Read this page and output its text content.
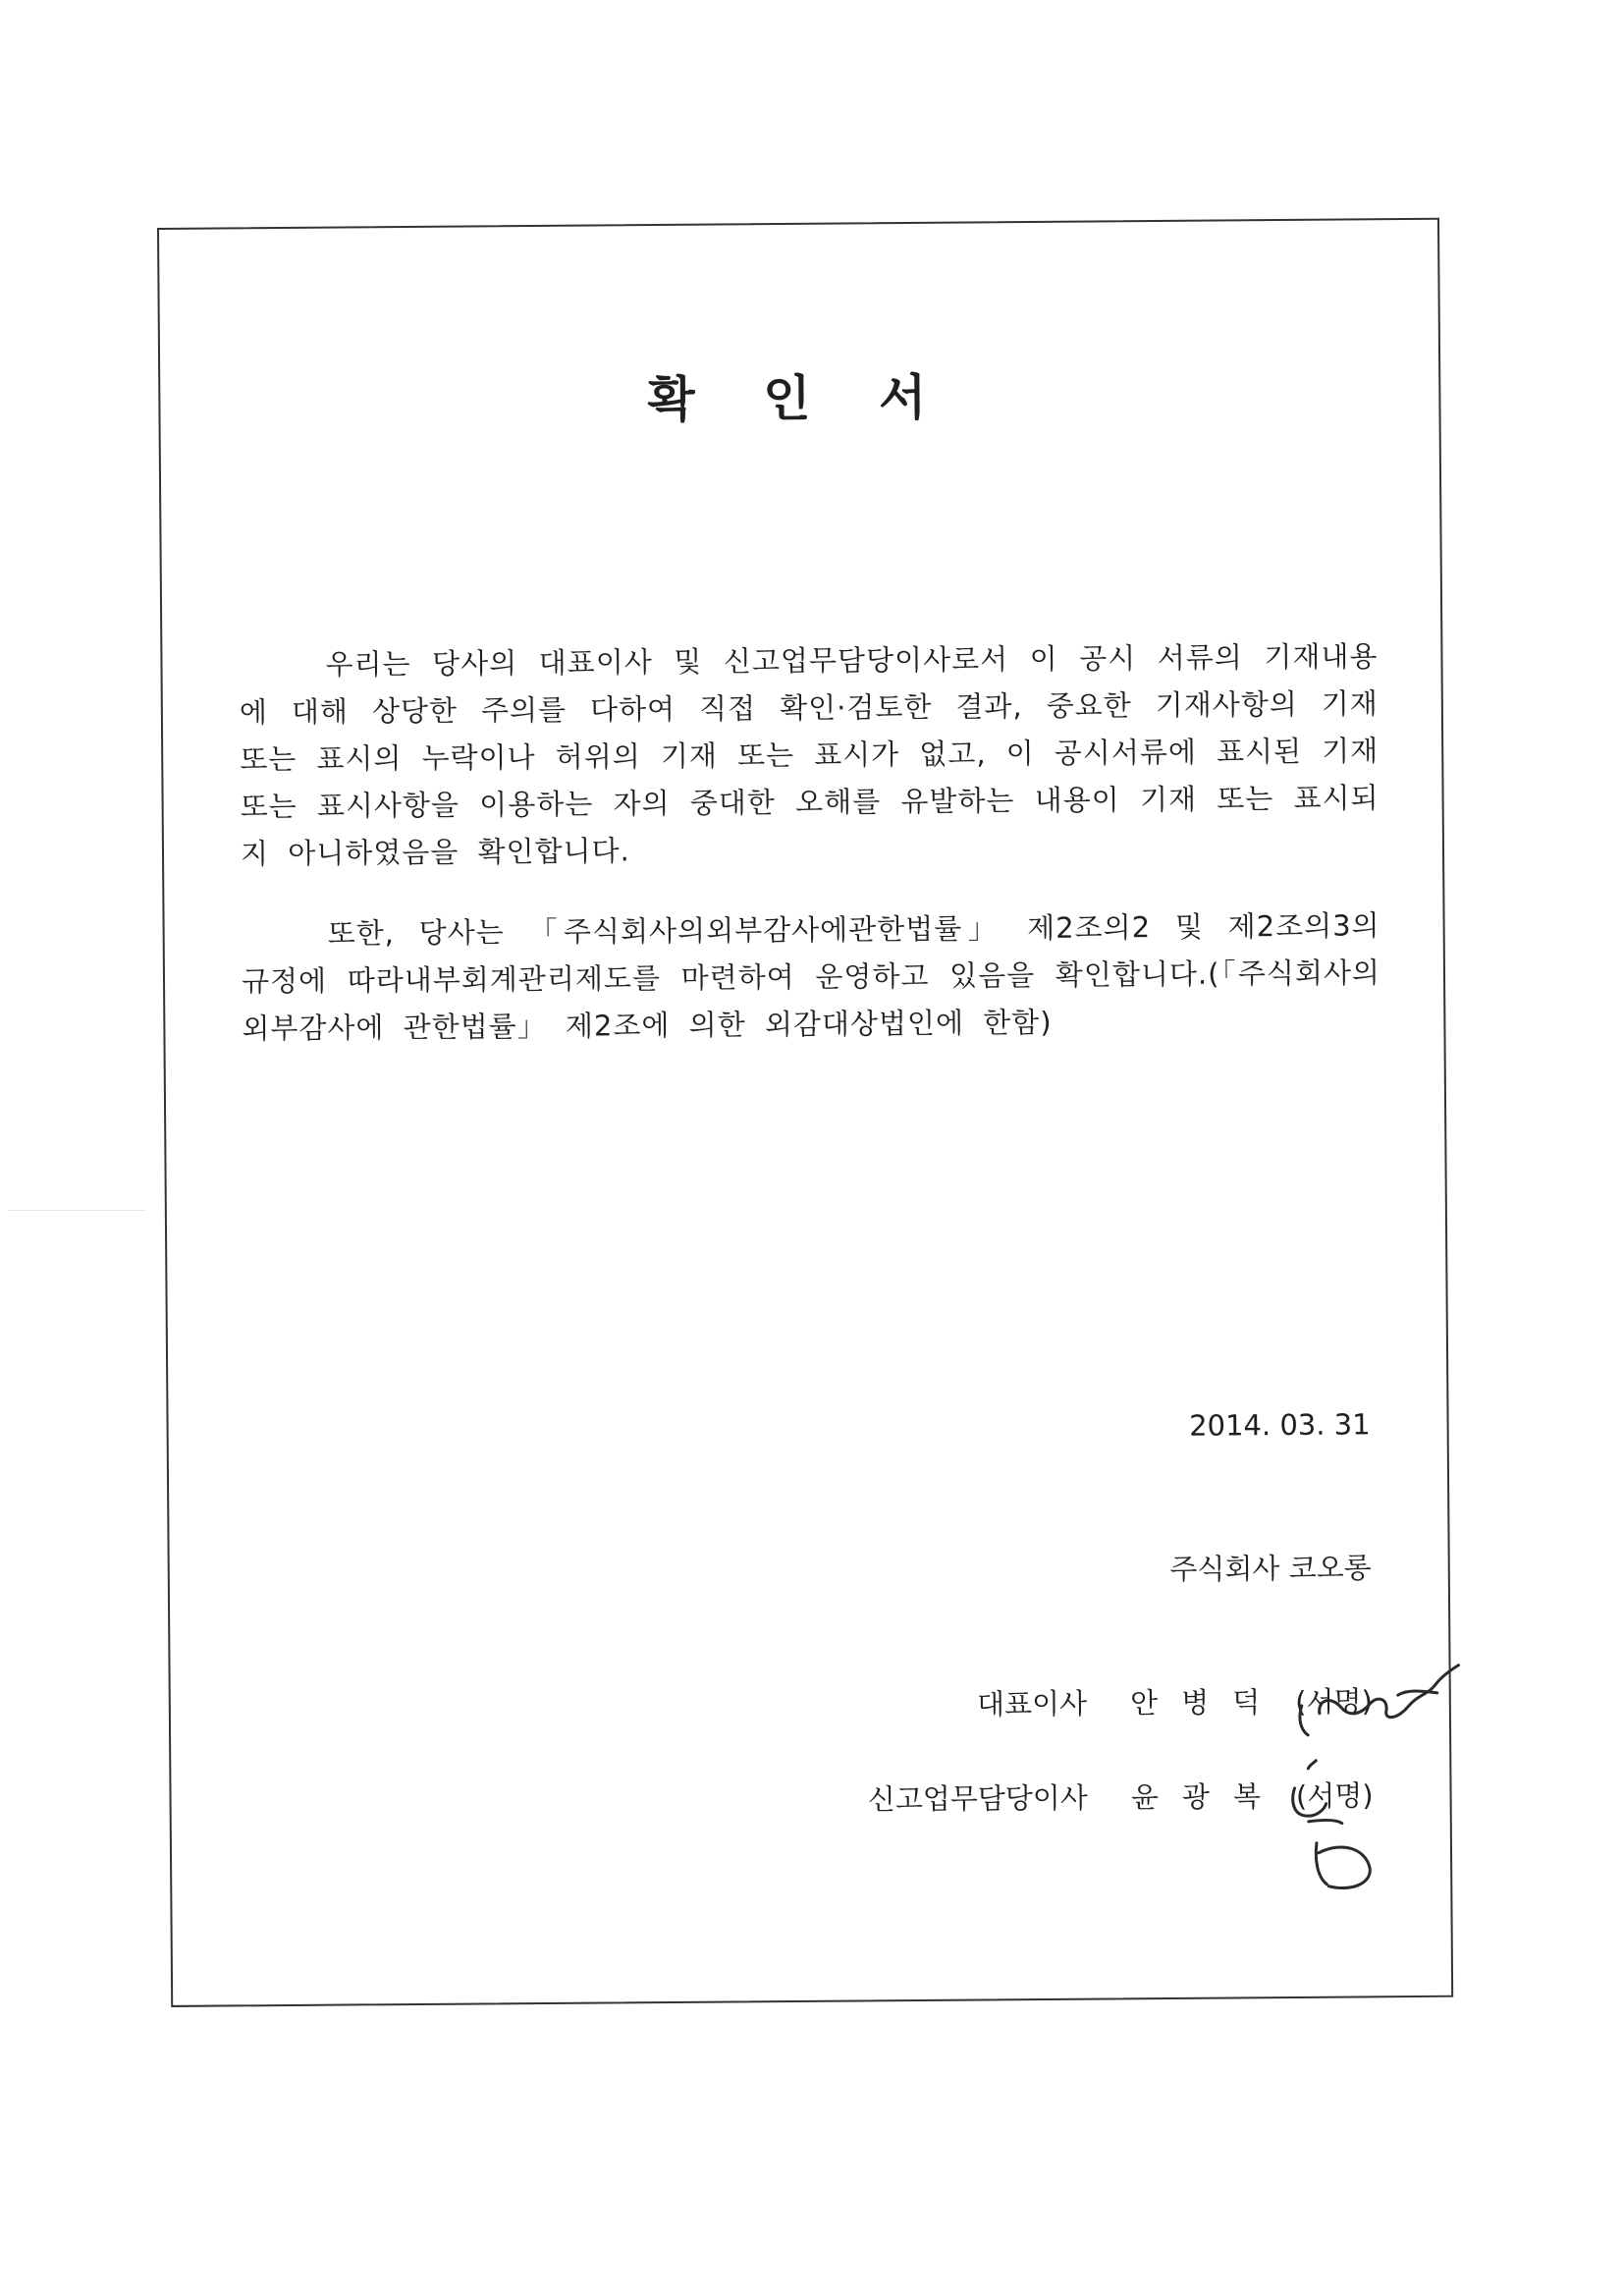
확 인 서

우리는 당사의 대표이사 및 신고업무담당이사로서 이 공시 서류의 기재내용에 대해 상당한 주의를 다하여 직접 확인·검토한 결과, 중요한 기재사항의 기재 또는 표시의 누락이나 허위의 기재 또는 표시가 없고, 이 공시서류에 표시된 기재 또는 표시사항을 이용하는 자의 중대한 오해를 유발하는 내용이 기재 또는 표시되지 아니하였음을 확인합니다.

또한, 당사는 「주식회사의외부감사에관한법률」 제2조의2 및 제2조의3의 규정에 따라내부회계관리제도를 마련하여 운영하고 있음을 확인합니다.(「주식회사의 외부감사에 관한법률」 제2조에 의한 외감대상법인에 한함)

2014. 03. 31
주식회사 코오롱
대표이사 안병덕 (서명)
신고업무담당이사 윤광복 (서명)
